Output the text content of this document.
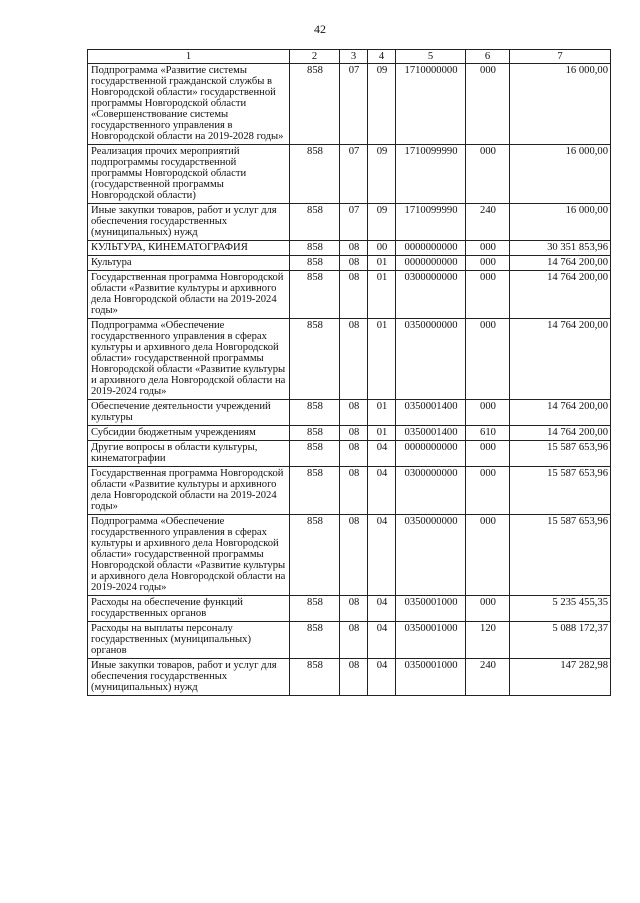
42
1	2	3	4	5	6	7
Подпрограмма «Развитие системы государственной гражданской службы в Новгородской области» государственной программы Новгородской области «Совершенствование системы государственного управления в Новгородской области на 2019-2028 годы»	858	07	09	1710000000	000	16 000,00
Реализация прочих мероприятий подпрограммы государственной программы Новгородской области (государственной программы Новгородской области)	858	07	09	1710099990	000	16 000,00
Иные закупки товаров, работ и услуг для обеспечения государственных (муниципальных) нужд	858	07	09	1710099990	240	16 000,00
КУЛЬТУРА, КИНЕМАТОГРАФИЯ	858	08	00	0000000000	000	30 351 853,96
Культура	858	08	01	0000000000	000	14 764 200,00
Государственная программа Новгородской области «Развитие культуры и архивного дела Новгородской области на 2019-2024 годы»	858	08	01	0300000000	000	14 764 200,00
Подпрограмма «Обеспечение государственного управления в сферах культуры и архивного дела Новгородской области» государственной программы Новгородской области «Развитие культуры и архивного дела Новгородской области на 2019-2024 годы»	858	08	01	0350000000	000	14 764 200,00
Обеспечение деятельности учреждений культуры	858	08	01	0350001400	000	14 764 200,00
Субсидии бюджетным учреждениям	858	08	01	0350001400	610	14 764 200,00
Другие вопросы в области культуры, кинематографии	858	08	04	0000000000	000	15 587 653,96
Государственная программа Новгородской области «Развитие культуры и архивного дела Новгородской области на 2019-2024 годы»	858	08	04	0300000000	000	15 587 653,96
Подпрограмма «Обеспечение государственного управления в сферах культуры и архивного дела Новгородской области» государственной программы Новгородской области «Развитие культуры и архивного дела Новгородской области на 2019-2024 годы»	858	08	04	0350000000	000	15 587 653,96
Расходы на обеспечение функций государственных органов	858	08	04	0350001000	000	5 235 455,35
Расходы на выплаты персоналу государственных (муниципальных) органов	858	08	04	0350001000	120	5 088 172,37
Иные закупки товаров, работ и услуг для обеспечения государственных (муниципальных) нужд	858	08	04	0350001000	240	147 282,98
